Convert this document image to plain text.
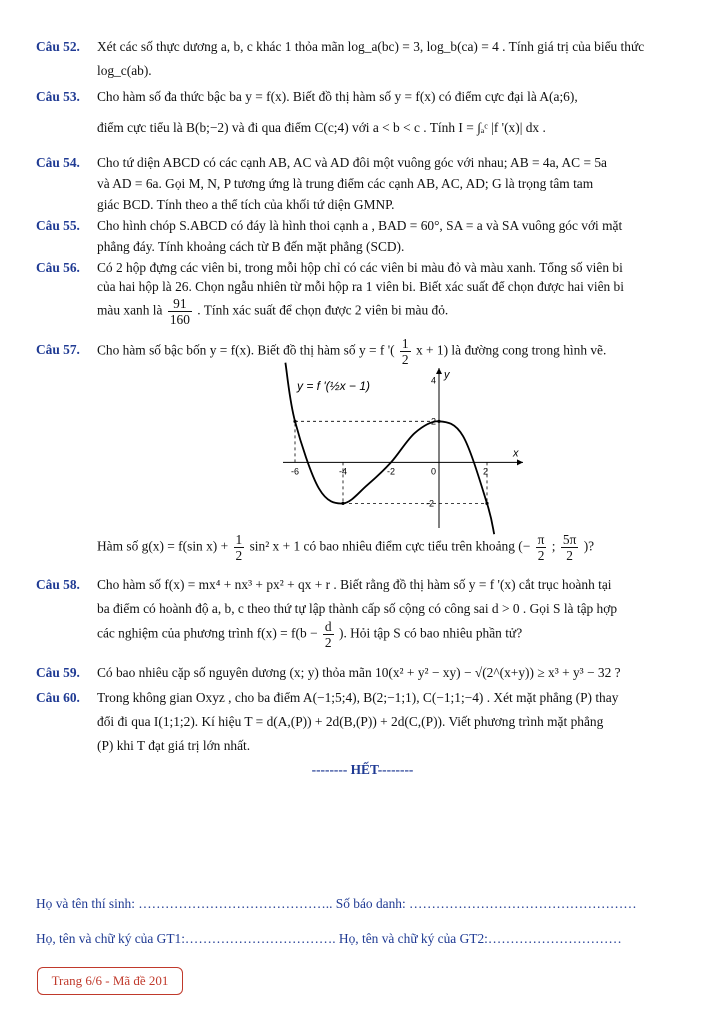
Câu 52. Xét các số thực dương a, b, c khác 1 thỏa mãn log_a(bc) = 3, log_b(ca) = 4 . Tính giá trị của biểu thức
log_c(ab).
Câu 53. Cho hàm số đa thức bậc ba y = f(x). Biết đồ thị hàm số y = f(x) có điểm cực đại là A(a;6),
điểm cực tiểu là B(b;−2) và đi qua điểm C(c;4) với a < b < c . Tính I = ∫ₐᶜ |f '(x)| dx .
Câu 54. Cho tứ diện ABCD có các cạnh AB, AC và AD đôi một vuông góc với nhau; AB = 4a, AC = 5a
và AD = 6a. Gọi M, N, P tương ứng là trung điểm các cạnh AB, AC, AD; G là trọng tâm tam
giác BCD. Tính theo a thể tích của khối tứ diện GMNP.
Câu 55. Cho hình chóp S.ABCD có đáy là hình thoi cạnh a , BAD = 60°, SA = a và SA vuông góc với mặt
phẳng đáy. Tính khoảng cách từ B đến mặt phẳng (SCD).
Câu 56. Có 2 hộp đựng các viên bi, trong mỗi hộp chỉ có các viên bi màu đỏ và màu xanh. Tổng số viên bi
của hai hộp là 26. Chọn ngẫu nhiên từ mỗi hộp ra 1 viên bi. Biết xác suất để chọn được hai viên bi
màu xanh là $\frac{91}{160}$ . Tính xác suất để chọn được 2 viên bi màu đỏ.
Câu 57. Cho hàm số bậc bốn y = f(x). Biết đồ thị hàm số y = f '( $\frac{1}{2}$ x + 1) là đường cong trong hình vẽ.
-6	-4	-2	0	2
4
2
-2
x
y
y = f '(½x − 1)
Hàm số g(x) = f(sin $x) + \frac{1}{2} \sin^2$ x + 1 có bao nhiêu điểm cực tiểu trên khoảng (− $\frac{\pi}{2}$ ; $\frac{5\pi}{2}$ )?
Câu 58. Cho hàm số f(x) = mx⁴ + nx³ + px² + qx + r . Biết rằng đồ thị hàm số y = f '(x) cắt trục hoành tại
ba điểm có hoành độ a, b, c theo thứ tự lập thành cấp số cộng có công sai d > 0 . Gọi S là tập hợp
các nghiệm của phương trình $f(x) = f(b - \frac{d}{2}$ ). Hỏi tập S có bao nhiêu phần tử?
Câu 59. Có bao nhiêu cặp số nguyên dương (x; y) thỏa mãn 10(x² + y² − xy) − √(2^(x+y)) ≥ x³ + y³ − 32 ?
Câu 60. Trong không gian Oxyz , cho ba điểm A(−1;5;4), B(2;−1;1), C(−1;1;−4) . Xét mặt phẳng (P) thay
đổi đi qua I(1;1;2). Kí hiệu T = d(A,(P)) + 2d(B,(P)) + 2d(C,(P)). Viết phương trình mặt phẳng
(P) khi T đạt giá trị lớn nhất.
-------- HẾT--------
Họ và tên thí sinh: …………………………………….. Số báo danh: ……………………………………………
Họ, tên và chữ ký của GT1:……………………………. Họ, tên và chữ ký của GT2:…………………………
Trang 6/6 - Mã đề 201
